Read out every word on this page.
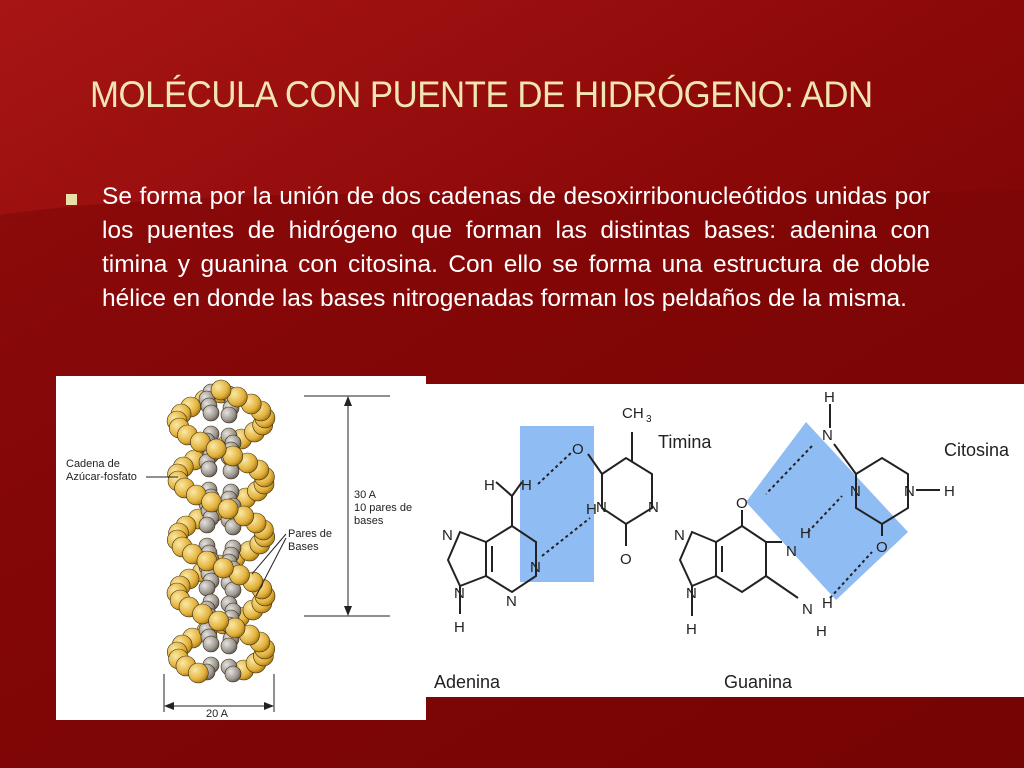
MOLÉCULA CON PUENTE DE HIDRÓGENO: ADN
Se forma por la unión de dos cadenas de desoxirribonucleótidos unidas por los puentes de hidrógeno que forman las distintas bases: adenina con timina y guanina con citosina. Con ello se forma una estructura de doble hélice en donde las bases nitrogenadas forman los peldaños de la misma.
Cadena de
Azúcar-fosfato
Pares de
Bases
30 A
10 pares de
bases
20 A
H H
N
N
N
N
H
Adenina
CH 3
O
N	N
O
H
Timina
O
N
H
N
N
H
N H
H
Guanina
H
N
N	N H
O
Citosina
